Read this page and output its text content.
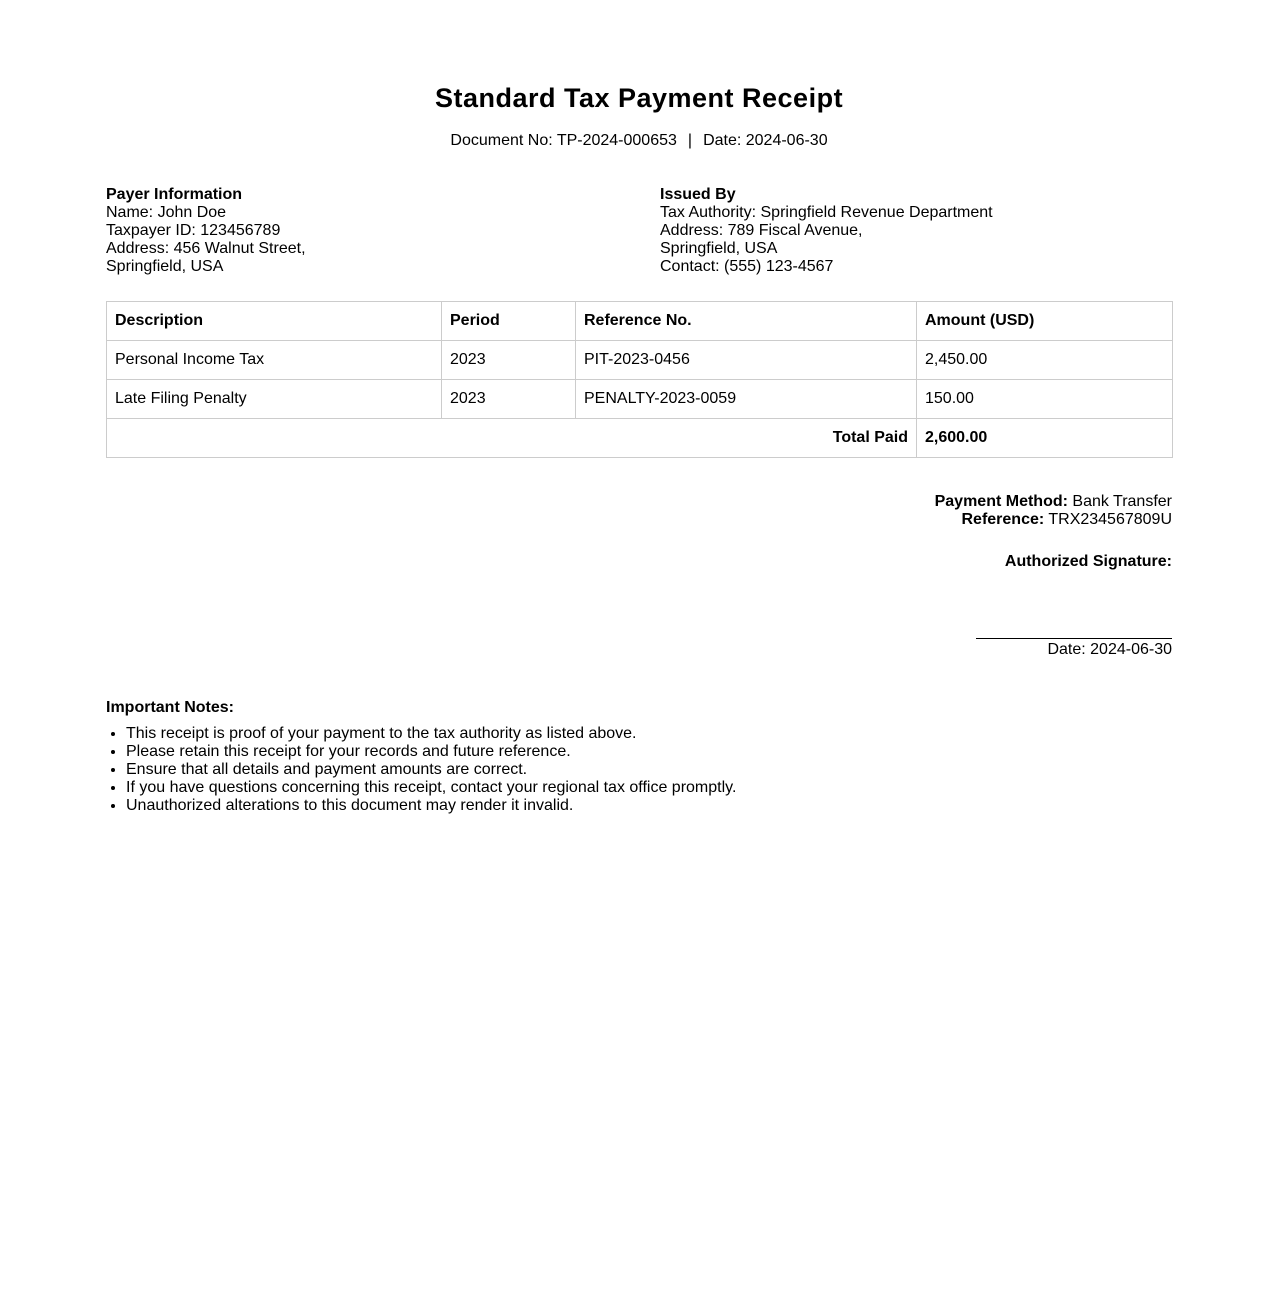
Standard Tax Payment Receipt
Document No: TP-2024-000653 | Date: 2024-06-30
Payer Information
Name: John Doe
Taxpayer ID: 123456789
Address: 456 Walnut Street,
Springfield, USA
Issued By
Tax Authority: Springfield Revenue Department
Address: 789 Fiscal Avenue,
Springfield, USA
Contact: (555) 123-4567
Description	Period	Reference No.	Amount (USD)
Personal Income Tax	2023	PIT-2023-0456	2,450.00
Late Filing Penalty	2023	PENALTY-2023-0059	150.00
Total Paid			2,600.00
Payment Method: Bank Transfer
Reference: TRX234567809U
Authorized Signature:
Date: 2024-06-30
Important Notes:
• This receipt is proof of your payment to the tax authority as listed above.
• Please retain this receipt for your records and future reference.
• Ensure that all details and payment amounts are correct.
• If you have questions concerning this receipt, contact your regional tax office promptly.
• Unauthorized alterations to this document may render it invalid.
